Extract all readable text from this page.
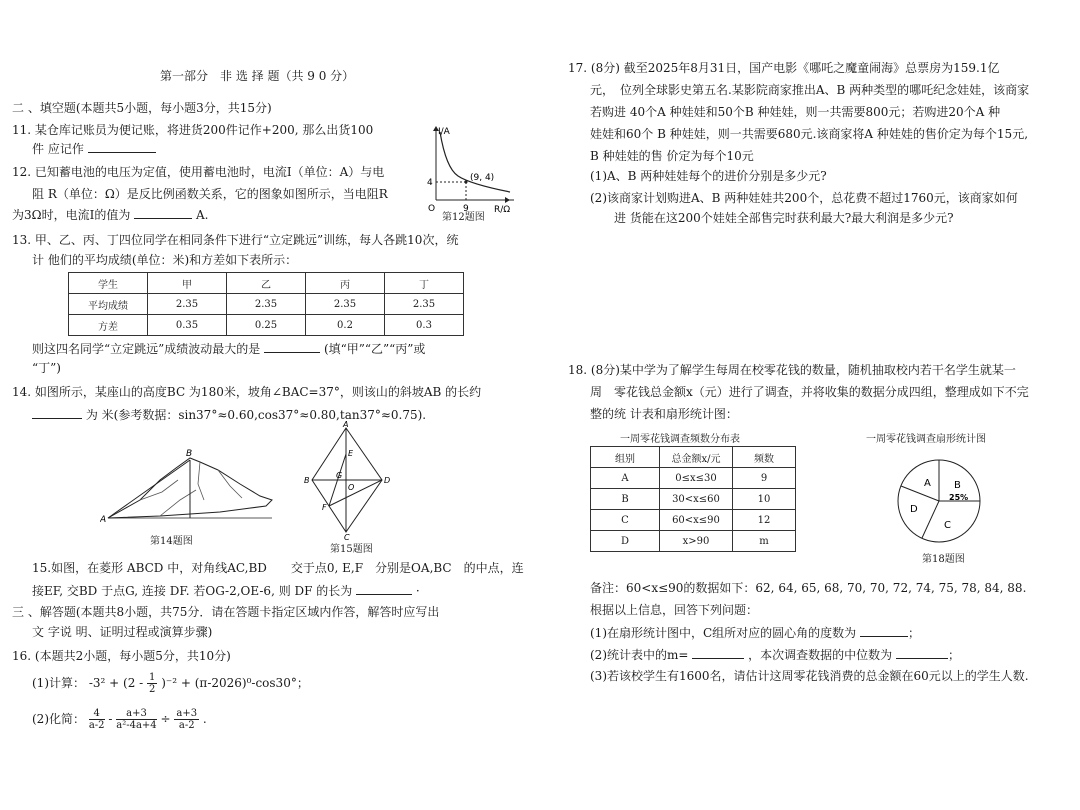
第一部分　非 选 择 题（共 9 0 分）
二 、填空题(本题共5小题，每小题3分，共15分)
11. 某仓库记账员为便记账，将进货200件记作+200, 那么出货100
件 应记作
12. 已知蓄电池的电压为定值，使用蓄电池时，电流I（单位：A）与电
阻 R（单位：Ω）是反比例函数关系，它的图象如图所示，当电阻R
为3Ω时，电流I的值为	A.
I/A
R/Ω
(9, 4)
4
9
O
第12题图
13. 甲、乙、丙、丁四位同学在相同条件下进行“立定跳远”训练，每人各跳10次，统
计 他们的平均成绩(单位：米)和方差如下表所示：
学生	甲	乙	丙	丁
平均成绩	2.35	2.35	2.35	2.35
方差	0.35	0.25	0.2	0.3
则这四名同学“立定跳远”成绩波动最大的是	(填“甲”“乙”“丙”或
“丁”)
14. 如图所示，某座山的高度BC 为180米，坡角∠BAC=37°，则该山的斜坡AB 的长约
为 米(参考数据：sin37°≈0.60,cos37°≈0.80,tan37°≈0.75).
A
B
第14题图
A
B
C
D
E
F
G
O
第15题图
15.如图，在菱形 ABCD 中，对角线AC,BD　　交于点0, E,F　分别是OA,BC　的中点，连
接EF, 交BD 于点G, 连接 DF. 若OG-2,OE-6, 则 DF 的长为	·
三 、解答题(本题共8小题，共75分．请在答题卡指定区域内作答，解答时应写出
文 字说 明、证明过程或演算步骤)
16. (本题共2小题，每小题5分，共10分)
(1)计算： $-3^2 + (2 - \frac{1}{2} )^{-2} + (\pi-2026)^0-\cos 30^\circ$；
(2)化简： $\frac{4}{a-2} - \frac{a+3}{\text{a²-4a+4}} \div \frac{a+3}{a-2}$ .
17. (8分) 截至2025年8月31日，国产电影《哪吒之魔童闹海》总票房为159.1亿
元，　位列全球影史第五名.某影院商家推出A、B 两种类型的哪吒纪念娃娃，该商家
若购进 40个A 种娃娃和50个B 种娃娃，则一共需要800元；若购进20个A 种
娃娃和60个 B 种娃娃，则一共需要680元.该商家将A 种娃娃的售价定为每个15元,
B 种娃娃的售 价定为每个10元
(1)A、B 两种娃娃每个的进价分别是多少元?
(2)该商家计划购进A、B 两种娃娃共200个，总花费不超过1760元，该商家如何
进 货能在这200个娃娃全部售完时获利最大?最大利润是多少元?
18. (8分)某中学为了解学生每周在校零花钱的数量，随机抽取校内若干名学生就某一
周　零花钱总金额x（元）进行了调查，并将收集的数据分成四组，整理成如下不完
整的统 计表和扇形统计图：
一周零花钱调查频数分布表
组别	总金额x/元	频数
A	0≤x≤30	9
B	30<x≤60	10
C	60<x≤90	12
D	x>90	m
一周零花钱调查扇形统计图
A B
25%
C
D
第18题图
备注：60<x≤90的数据如下：62, 64, 65, 68, 70, 70, 72, 74, 75, 78, 84, 88.
根据以上信息，回答下列问题：
(1)在扇形统计图中，C组所对应的圆心角的度数为	；
(2)统计表中的m=	，本次调查数据的中位数为	；
(3)若该校学生有1600名，请估计这周零花钱消费的总金额在60元以上的学生人数.
